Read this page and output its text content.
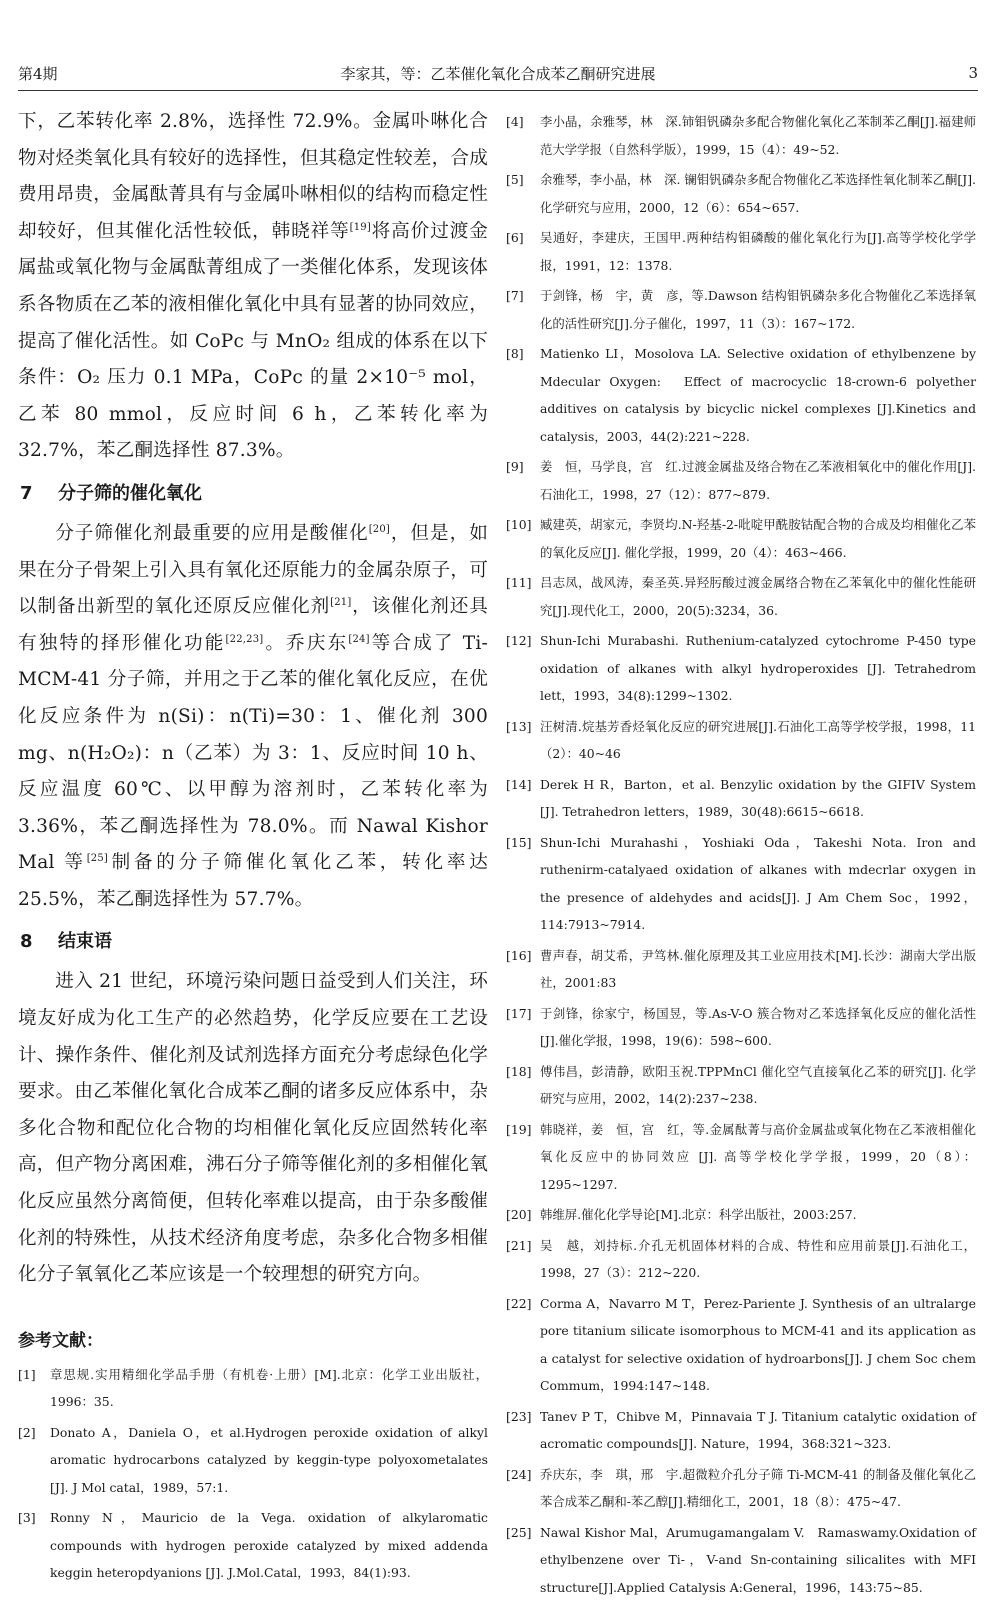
第4期	李家其，等：乙苯催化氧化合成苯乙酮研究进展	3

下，乙苯转化率 2.8%，选择性 72.9%。金属卟啉化合物对烃类氧化具有较好的选择性，但其稳定性较差，合成费用昂贵，金属酞菁具有与金属卟啉相似的结构而稳定性却较好，但其催化活性较低，韩晓祥等[19]将高价过渡金属盐或氧化物与金属酞菁组成了一类催化体系，发现该体系各物质在乙苯的液相催化氧化中具有显著的协同效应，提高了催化活性。如 CoPc 与 MnO₂ 组成的体系在以下条件：O₂ 压力 0.1 MPa，CoPc 的量 2×10⁻⁵ mol，乙苯 80 mmol，反应时间 6 h，乙苯转化率为 32.7%，苯乙酮选择性 87.3%。

7	分子筛的催化氧化

分子筛催化剂最重要的应用是酸催化[20]，但是，如果在分子骨架上引入具有氧化还原能力的金属杂原子，可以制备出新型的氧化还原反应催化剂[21]，该催化剂还具有独特的择形催化功能[22,23]。乔庆东[24]等合成了 Ti-MCM-41 分子筛，并用之于乙苯的催化氧化反应，在优化反应条件为 n(Si)：n(Ti)=30：1、催化剂 300 mg、n(H₂O₂)：n（乙苯）为 3：1、反应时间 10 h、反应温度 60℃、以甲醇为溶剂时，乙苯转化率为 3.36%，苯乙酮选择性为 78.0%。而 Nawal Kishor Mal 等[25]制备的分子筛催化氧化乙苯，转化率达 25.5%，苯乙酮选择性为 57.7%。

8	结束语

进入 21 世纪，环境污染问题日益受到人们关注，环境友好成为化工生产的必然趋势，化学反应要在工艺设计、操作条件、催化剂及试剂选择方面充分考虑绿色化学要求。由乙苯催化氧化合成苯乙酮的诸多反应体系中，杂多化合物和配位化合物的均相催化氧化反应固然转化率高，但产物分离困难，沸石分子筛等催化剂的多相催化氧化反应虽然分离简便，但转化率难以提高，由于杂多酸催化剂的特殊性，从技术经济角度考虑，杂多化合物多相催化分子氧氧化乙苯应该是一个较理想的研究方向。

参考文献：
[1]	章思规.实用精细化学品手册（有机卷·上册）[M].北京：化学工业出版社，1996：35.
[2]	Donato A，Daniela O，et al.Hydrogen peroxide oxidation of alkyl aromatic hydrocarbons catalyzed by keggin-type polyoxometalates [J]. J Mol catal，1989，57:1.
[3]	Ronny N，Mauricio de la Vega. oxidation of alkylaromatic compounds with hydrogen peroxide catalyzed by mixed addenda keggin heteropdyanions [J]. J.Mol.Catal，1993，84(1):93.
[4]	李小晶，余雅琴，林　深.铈钼钒磷杂多配合物催化氧化乙苯制苯乙酮[J].福建师范大学学报（自然科学版），1999，15（4）：49~52.
[5]	余雅琴，李小晶，林　深. 镧钼钒磷杂多配合物催化乙苯选择性氧化制苯乙酮[J].化学研究与应用，2000，12（6）：654~657.
[6]	吴通好，李建庆，王国甲.两种结构钼磷酸的催化氧化行为[J].高等学校化学学报，1991，12：1378.
[7]	于剑锋，杨　宇，黄　彦，等.Dawson 结构钼钒磷杂多化合物催化乙苯选择氧化的活性研究[J].分子催化，1997，11（3）：167~172.
[8]	Matienko LI，Mosolova LA. Selective oxidation of ethylbenzene by Mdecular Oxygen:　Effect of macrocyclic 18-crown-6 polyether additives on catalysis by bicyclic nickel complexes [J].Kinetics and catalysis，2003，44(2):221~228.
[9]	姜　恒，马学良，宫　红.过渡金属盐及络合物在乙苯液相氧化中的催化作用[J].石油化工，1998，27（12）：877~879.
[10] 臧建英，胡家元，李贤均.N-羟基-2-吡啶甲酰胺钴配合物的合成及均相催化乙苯的氧化反应[J]. 催化学报，1999，20（4）：463~466.
[11] 吕志凤，战风涛，秦圣英.异羟肟酸过渡金属络合物在乙苯氧化中的催化性能研究[J].现代化工，2000，20(5):3234，36.
[12] Shun-Ichi Murabashi. Ruthenium-catalyzed cytochrome P-450 type oxidation of alkanes with alkyl hydroperoxides [J]. Tetrahedrom lett，1993，34(8):1299~1302.
[13] 汪树清.烷基芳香烃氧化反应的研究进展[J].石油化工高等学校学报，1998，11（2）：40~46
[14] Derek H R，Barton，et al. Benzylic oxidation by the GIFIV System [J]. Tetrahedron letters，1989，30(48):6615~6618.
[15] Shun-Ichi Murahashi，Yoshiaki Oda，Takeshi Nota. Iron and ruthenirm-catalyaed oxidation of alkanes with mdecrlar oxygen in the presence of aldehydes and acids[J]. J Am Chem Soc，1992，114:7913~7914.
[16] 曹声春，胡艾希，尹笃林.催化原理及其工业应用技术[M].长沙：湖南大学出版社，2001:83
[17] 于剑锋，徐家宁，杨国昱，等.As-V-O 簇合物对乙苯选择氧化反应的催化活性[J].催化学报，1998，19(6)：598~600.
[18] 傅伟昌，彭清静，欧阳玉祝.TPPMnCl 催化空气直接氧化乙苯的研究[J]. 化学研究与应用，2002，14(2):237~238.
[19] 韩晓祥，姜　恒，宫　红，等.金属酞菁与高价金属盐或氧化物在乙苯液相催化氧化反应中的协同效应 [J]. 高等学校化学学报，1999，20（8）：1295~1297.
[20] 韩维屏.催化化学导论[M].北京：科学出版社，2003:257.
[21] 吴　越，刘持标.介孔无机固体材料的合成、特性和应用前景[J].石油化工，1998，27（3）：212~220.
[22] Corma A，Navarro M T，Perez-Pariente J. Synthesis of an ultralarge pore titanium silicate isomorphous to MCM-41 and its application as a catalyst for selective oxidation of hydroarbons[J]. J chem Soc chem Commum，1994:147~148.
[23] Tanev P T，Chibve M，Pinnavaia T J. Titanium catalytic oxidation of acromatic compounds[J]. Nature，1994，368:321~323.
[24] 乔庆东，李　琪，邢　宇.超微粒介孔分子筛 Ti-MCM-41 的制备及催化氧化乙苯合成苯乙酮和-苯乙醇[J].精细化工，2001，18（8）：475~47.
[25] Nawal Kishor Mal，Arumugamangalam V.　Ramaswamy.Oxidation of ethylbenzene over Ti-，V-and Sn-containing silicalites with MFI structure[J].Applied Catalysis A:General，1996，143:75~85.
